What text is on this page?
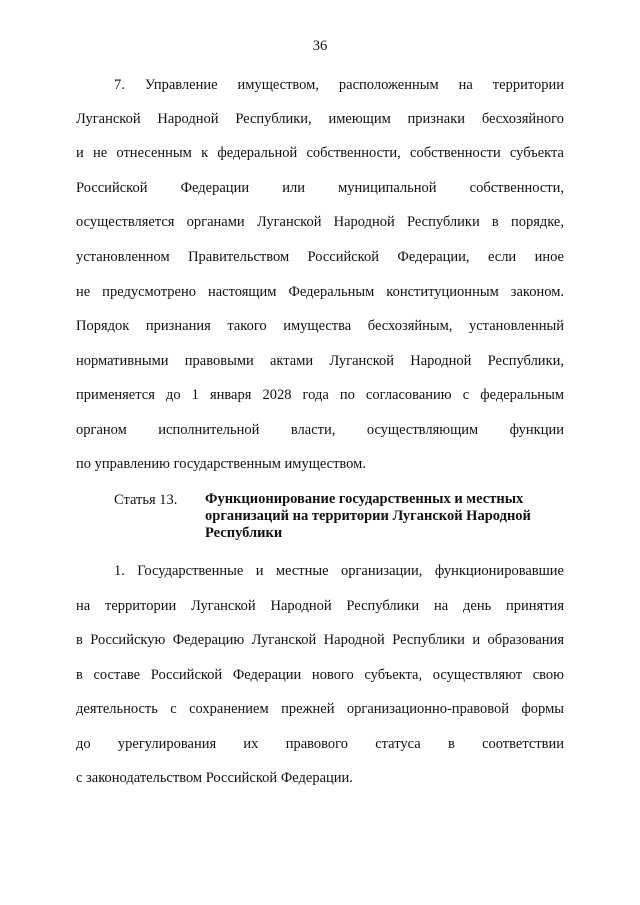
36
7. Управление имуществом, расположенным на территории
Луганской Народной Республики, имеющим признаки бесхозяйного
и не отнесенным к федеральной собственности, собственности субъекта
Российской Федерации или муниципальной собственности,
осуществляется органами Луганской Народной Республики в порядке,
установленном Правительством Российской Федерации, если иное
не предусмотрено настоящим Федеральным конституционным законом.
Порядок признания такого имущества бесхозяйным, установленный
нормативными правовыми актами Луганской Народной Республики,
применяется до 1 января 2028 года по согласованию с федеральным
органом исполнительной власти, осуществляющим функции
по управлению государственным имуществом.
Статья 13. Функционирование государственных и местных
организаций на территории Луганской Народной
Республики
1. Государственные и местные организации, функционировавшие
на территории Луганской Народной Республики на день принятия
в Российскую Федерацию Луганской Народной Республики и образования
в составе Российской Федерации нового субъекта, осуществляют свою
деятельность с сохранением прежней организационно-правовой формы
до урегулирования их правового статуса в соответствии
с законодательством Российской Федерации.
